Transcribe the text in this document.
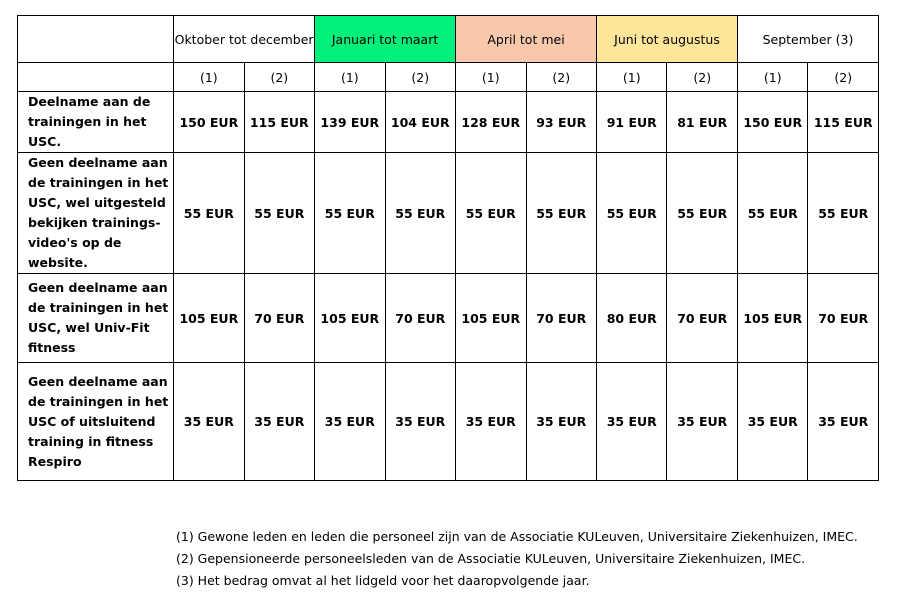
	Oktober tot december		Januari tot maart		April tot mei		Juni tot augustus		September (3)	
	(1)	(2)	(1)	(2)	(1)	(2)	(1)	(2)	(1)	(2)
Deelname aan de
trainingen in het USC.	150 EUR	115 EUR	139 EUR	104 EUR	128 EUR	93 EUR	91 EUR	81 EUR	150 EUR	115 EUR
Geen deelname aan
de trainingen in het
USC, wel uitgesteld
bekijken trainings-
video's op de website.	55 EUR	55 EUR	55 EUR	55 EUR	55 EUR	55 EUR	55 EUR	55 EUR	55 EUR	55 EUR
Geen deelname aan
de trainingen in het
USC, wel Univ-Fit
fitness	105 EUR	70 EUR	105 EUR	70 EUR	105 EUR	70 EUR	80 EUR	70 EUR	105 EUR	70 EUR
Geen deelname aan
de trainingen in het
USC of uitsluitend
training in fitness
Respiro	35 EUR	35 EUR	35 EUR	35 EUR	35 EUR	35 EUR	35 EUR	35 EUR	35 EUR	35 EUR
(1) Gewone leden en leden die personeel zijn van de Associatie KULeuven, Universitaire Ziekenhuizen, IMEC.
(2) Gepensioneerde personeelsleden van de Associatie KULeuven, Universitaire Ziekenhuizen, IMEC.
(3) Het bedrag omvat al het lidgeld voor het daaropvolgende jaar.
